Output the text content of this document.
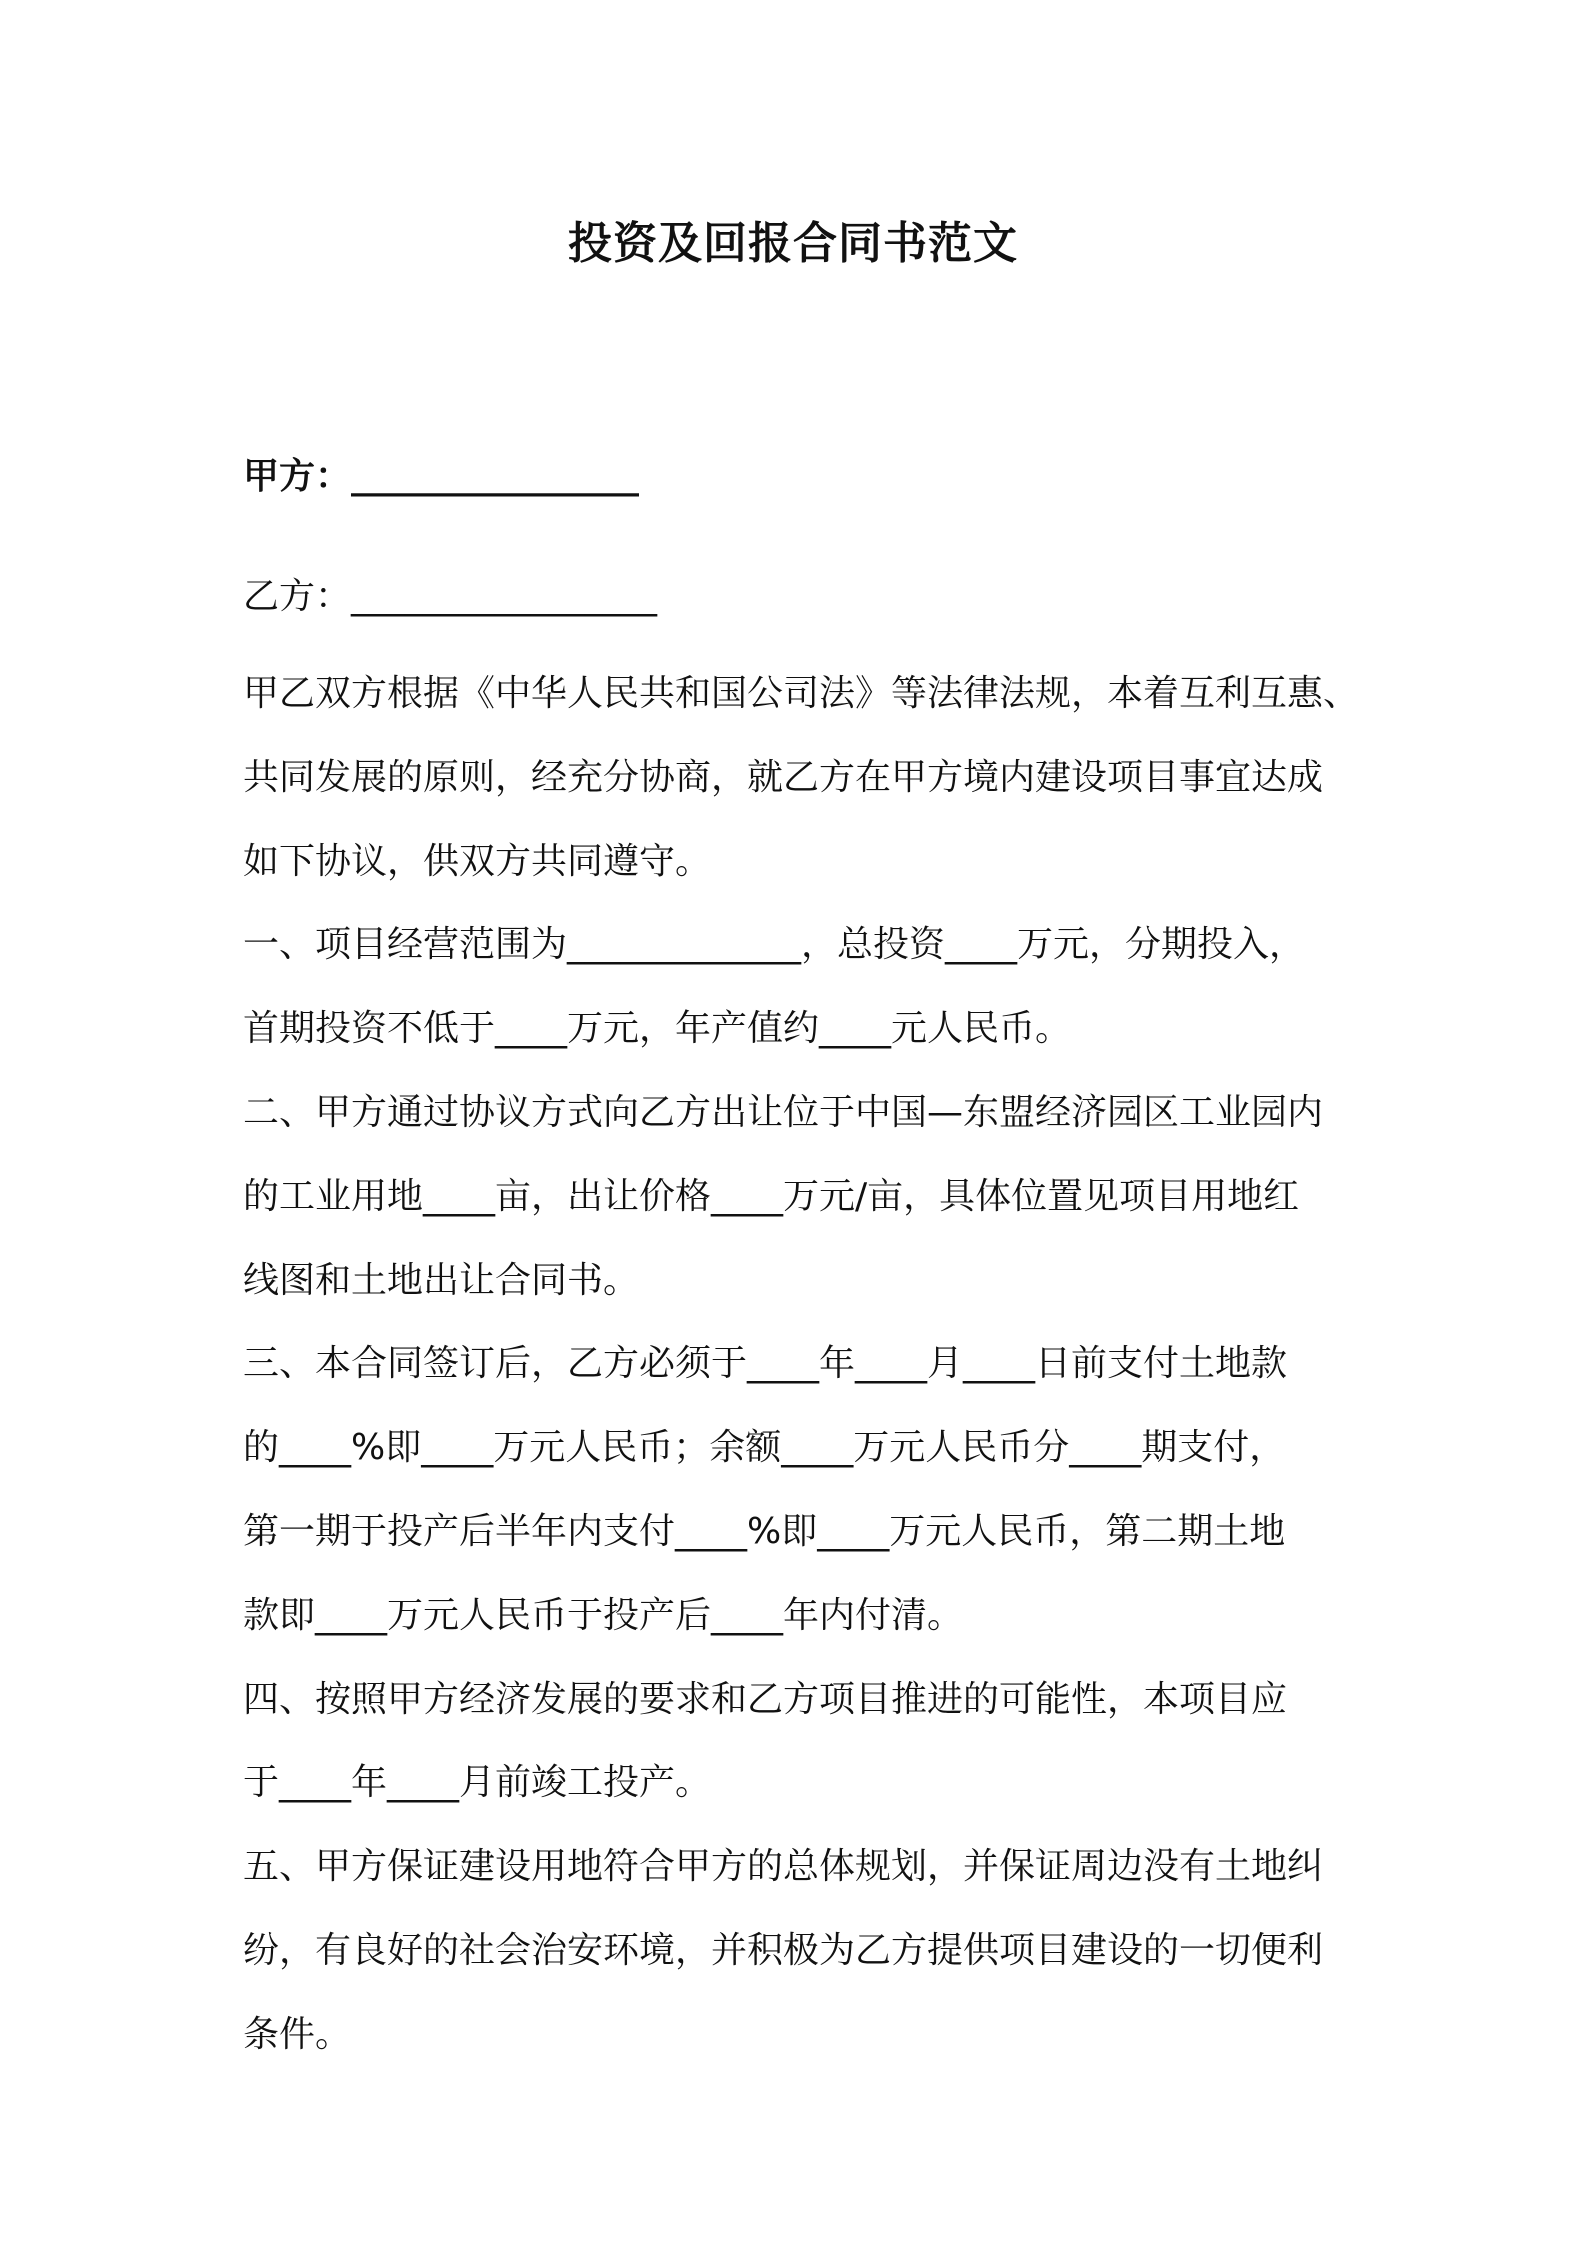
投资及回报合同书范文

甲方：________________

乙方：_________________

甲乙双方根据《中华人民共和国公司法》等法律法规，本着互利互惠、
共同发展的原则，经充分协商，就乙方在甲方境内建设项目事宜达成
如下协议，供双方共同遵守。
一、项目经营范围为_____________，总投资____万元，分期投入，
首期投资不低于____万元，年产值约____元人民币。
二、甲方通过协议方式向乙方出让位于中国—东盟经济园区工业园内
的工业用地____亩，出让价格____万元/亩，具体位置见项目用地红
线图和土地出让合同书。
三、本合同签订后，乙方必须于____年____月____日前支付土地款
的____%即____万元人民币；余额____万元人民币分____期支付，
第一期于投产后半年内支付____%即____万元人民币，第二期土地
款即____万元人民币于投产后____年内付清。
四、按照甲方经济发展的要求和乙方项目推进的可能性，本项目应
于____年____月前竣工投产。
五、甲方保证建设用地符合甲方的总体规划，并保证周边没有土地纠
纷，有良好的社会治安环境，并积极为乙方提供项目建设的一切便利
条件。
